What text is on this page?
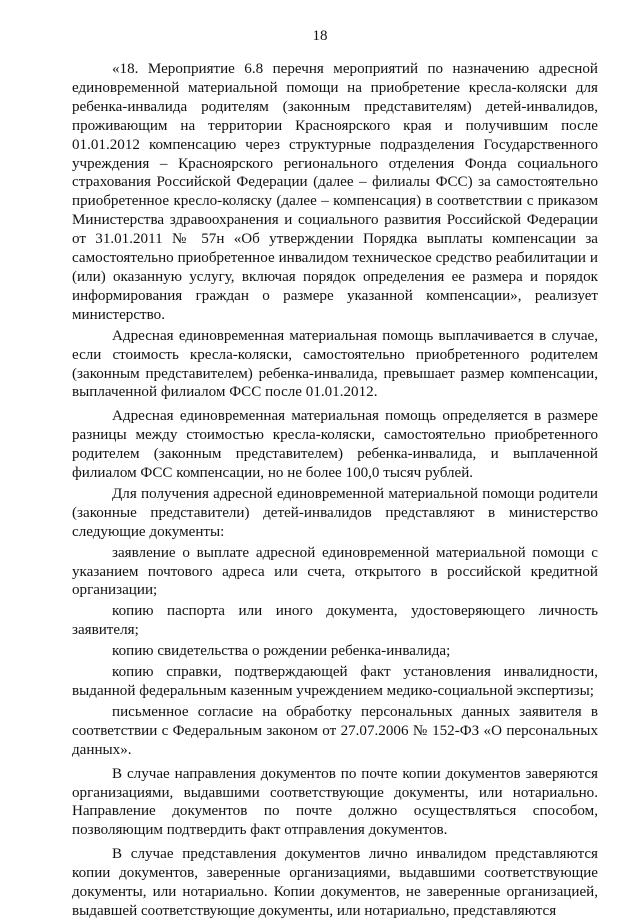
18

«18. Мероприятие 6.8 перечня мероприятий по назначению адресной единовременной материальной помощи на приобретение кресла-коляски для ребенка-инвалида родителям (законным представителям) детей-инвалидов, проживающим на территории Красноярского края и получившим после 01.01.2012 компенсацию через структурные подразделения Государственного учреждения – Красноярского регионального отделения Фонда социального страхования Российской Федерации (далее – филиалы ФСС) за самостоятельно приобретенное кресло-коляску (далее – компенсация) в соответствии с приказом Министерства здравоохранения и социального развития Российской Федерации от 31.01.2011 № 57н «Об утверждении Порядка выплаты компенсации за самостоятельно приобретенное инвалидом техническое средство реабилитации и (или) оказанную услугу, включая порядок определения ее размера и порядок информирования граждан о размере указанной компенсации», реализует министерство.

Адресная единовременная материальная помощь выплачивается в случае, если стоимость кресла-коляски, самостоятельно приобретенного родителем (законным представителем) ребенка-инвалида, превышает размер компенсации, выплаченной филиалом ФСС после 01.01.2012.

Адресная единовременная материальная помощь определяется в размере разницы между стоимостью кресла-коляски, самостоятельно приобретенного родителем (законным представителем) ребенка-инвалида, и выплаченной филиалом ФСС компенсации, но не более 100,0 тысяч рублей.

Для получения адресной единовременной материальной помощи родители (законные представители) детей-инвалидов представляют в министерство следующие документы:

заявление о выплате адресной единовременной материальной помощи с указанием почтового адреса или счета, открытого в российской кредитной организации;

копию паспорта или иного документа, удостоверяющего личность заявителя;

копию свидетельства о рождении ребенка-инвалида;

копию справки, подтверждающей факт установления инвалидности, выданной федеральным казенным учреждением медико-социальной экспертизы;

письменное согласие на обработку персональных данных заявителя в соответствии с Федеральным законом от 27.07.2006 № 152-ФЗ «О персональных данных».

В случае направления документов по почте копии документов заверяются организациями, выдавшими соответствующие документы, или нотариально. Направление документов по почте должно осуществляться способом, позволяющим подтвердить факт отправления документов.

В случае представления документов лично инвалидом представляются копии документов, заверенные организациями, выдавшими соответствующие документы, или нотариально. Копии документов, не заверенные организацией, выдавшей соответствующие документы, или нотариально, представляются
